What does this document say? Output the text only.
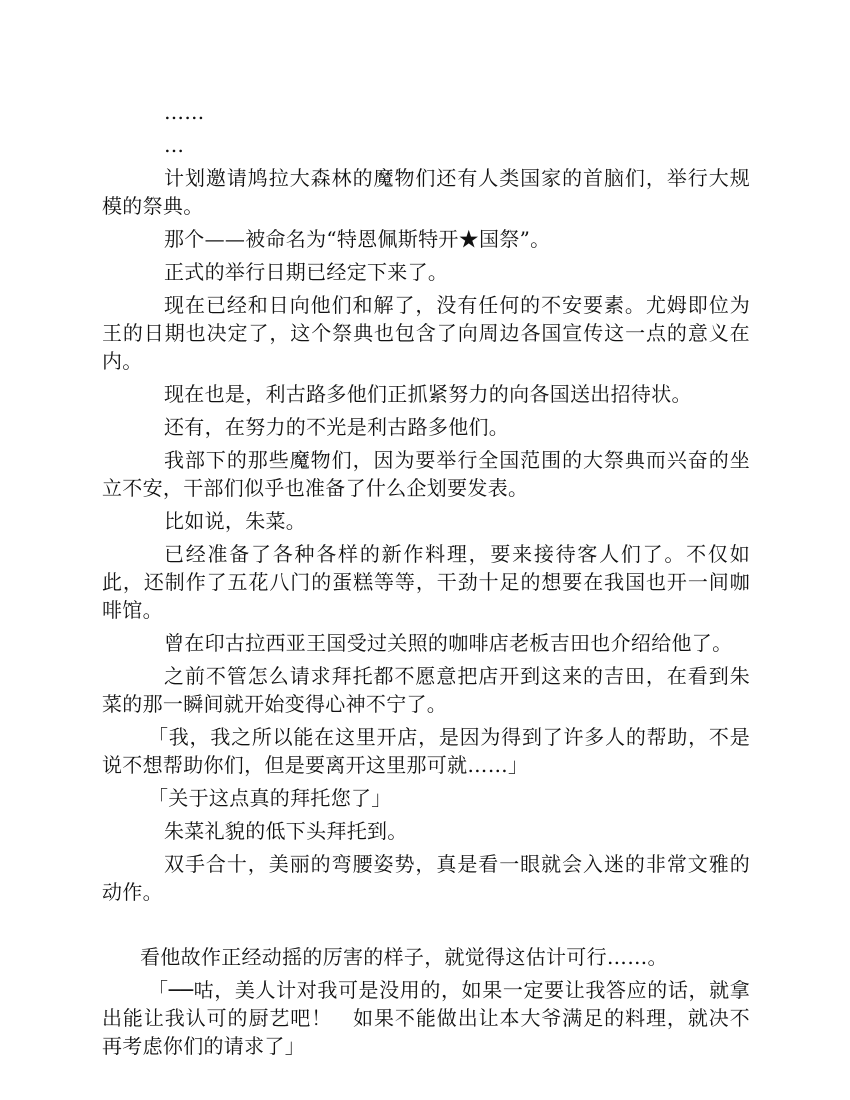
……

…

计划邀请鸠拉大森林的魔物们还有人类国家的首脑们，举行大规模的祭典。

那个——被命名为“特恩佩斯特开★国祭”。

正式的举行日期已经定下来了。

现在已经和日向他们和解了，没有任何的不安要素。尤姆即位为王的日期也决定了，这个祭典也包含了向周边各国宣传这一点的意义在内。

现在也是，利古路多他们正抓紧努力的向各国送出招待状。

还有，在努力的不光是利古路多他们。

我部下的那些魔物们，因为要举行全国范围的大祭典而兴奋的坐立不安，干部们似乎也准备了什么企划要发表。

比如说，朱菜。

已经准备了各种各样的新作料理，要来接待客人们了。不仅如此，还制作了五花八门的蛋糕等等，干劲十足的想要在我国也开一间咖啡馆。

曾在印古拉西亚王国受过关照的咖啡店老板吉田也介绍给他了。

之前不管怎么请求拜托都不愿意把店开到这来的吉田，在看到朱菜的那一瞬间就开始变得心神不宁了。

「我，我之所以能在这里开店，是因为得到了许多人的帮助，不是说不想帮助你们，但是要离开这里那可就……」

「关于这点真的拜托您了」

朱菜礼貌的低下头拜托到。

双手合十，美丽的弯腰姿势，真是看一眼就会入迷的非常文雅的动作。

看他故作正经动摇的厉害的样子，就觉得这估计可行……。

「──咕，美人计对我可是没用的，如果一定要让我答应的话，就拿出能让我认可的厨艺吧！　如果不能做出让本大爷满足的料理，就决不再考虑你们的请求了」
